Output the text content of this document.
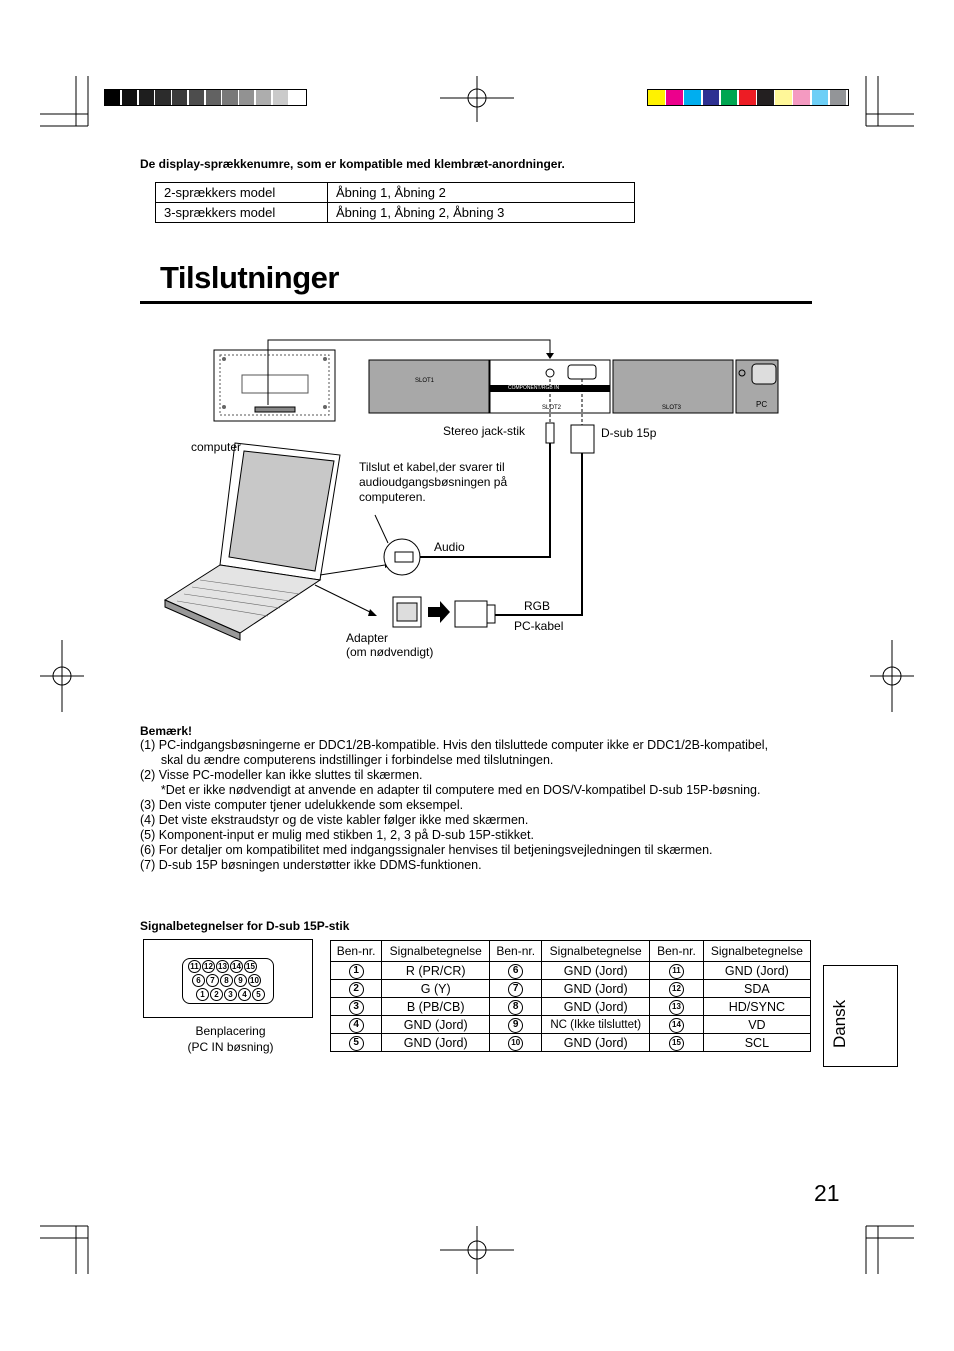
De display-sprækkenumre, som er kompatible med klembræt-anordninger.
2-sprækkers model	Åbning 1, Åbning 2
3-sprækkers model	Åbning 1, Åbning 2, Åbning 3
Tilslutninger
SLOT1
SLOT2	SLOT3
COMPONENT/RGB IN
PC
computer
Stereo jack-stik	D-sub 15p
Tilslut et kabel,der svarer til
audioudgangsbøsningen på
computeren.
Audio
RGB
PC-kabel
Adapter
(om nødvendigt)
Bemærk!
(1) PC-indgangsbøsningerne er DDC1/2B-kompatible. Hvis den tilsluttede computer ikke er DDC1/2B-kompatibel,
skal du ændre computerens indstillinger i forbindelse med tilslutningen.
(2) Visse PC-modeller kan ikke sluttes til skærmen.
*Det er ikke nødvendigt at anvende en adapter til computere med en DOS/V-kompatibel D-sub 15P-bøsning.
(3) Den viste computer tjener udelukkende som eksempel.
(4) Det viste ekstraudstyr og de viste kabler følger ikke med skærmen.
(5) Komponent-input er mulig med stikben 1, 2, 3 på D-sub 15P-stikket.
(6) For detaljer om kompatibilitet med indgangssignaler henvises til betjeningsvejledningen til skærmen.
(7) D-sub 15P bøsningen understøtter ikke DDMS-funktionen.
Signalbetegnelser for D-sub 15P-stik
11 12 13 14 15
6	7	8	9 10
1	2	3	4	5
Benplacering
(PC IN bøsning)
Ben-nr.	Signalbetegnelse	Ben-nr.	Signalbetegnelse	Ben-nr.	Signalbetegnelse
1	R (PR/CR)	6	GND (Jord)	11	GND (Jord)
2	G (Y)	7	GND (Jord)	12	SDA
3	B (PB/CB)	8	GND (Jord)	13	HD/SYNC
4	GND (Jord)	9	NC (Ikke tilsluttet)	14	VD
5	GND (Jord)	10	GND (Jord)	15	SCL	Dansk
21
